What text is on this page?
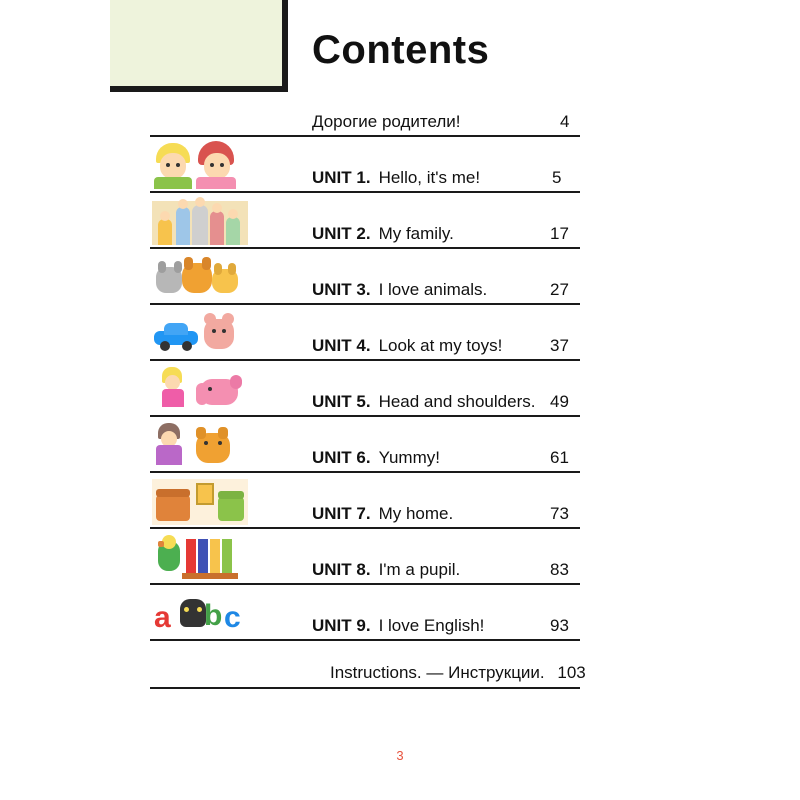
Contents
Дорогие родители!	4
UNIT 1. Hello, it's me!	5
UNIT 2. My family.	17
UNIT 3. I love animals.	27
UNIT 4. Look at my toys!	37
UNIT 5. Head and shoulders. 49
UNIT 6. Yummy!	61
UNIT 7. My home.	73
UNIT 8. I'm a pupil.	83
a b c	UNIT 9. I love English!	93
Instructions. — Инструкции. 103
3
